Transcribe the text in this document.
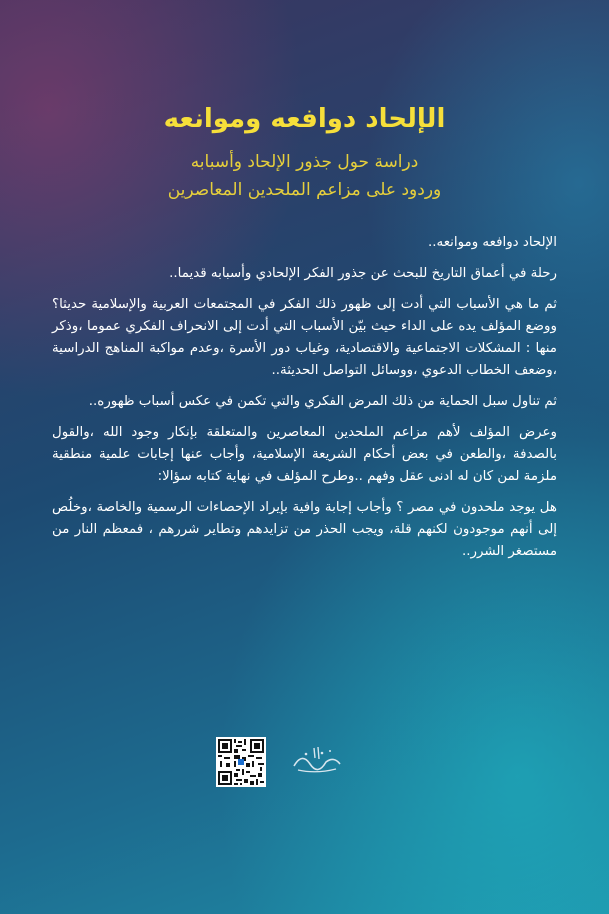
الإلحاد دوافعه وموانعه
دراسة حول جذور الإلحاد وأسبابه
وردود على مزاعم الملحدين المعاصرين

الإلحاد دوافعه وموانعه..

رحلة في أعماق التاريخ للبحث عن جذور الفكر الإلحادي وأسبابه قديما..

ثم ما هي الأسباب التي أدت إلى ظهور ذلك الفكر في المجتمعات العربية والإسلامية حديثا؟ ووضع المؤلف يده على الداء حيث بيّن الأسباب التي أدت إلى الانحراف الفكري عموما ،وذكر منها : المشكلات الاجتماعية والاقتصادية، وغياب دور الأسرة ،وعدم مواكبة المناهج الدراسية ،وضعف الخطاب الدعوي ،ووسائل التواصل الحديثة..

ثم تناول سبل الحماية من ذلك المرض الفكري والتي تكمن في عكس أسباب ظهوره..

وعرض المؤلف لأهم مزاعم الملحدين المعاصرين والمتعلقة بإنكار وجود الله ،والقول بالصدفة ،والطعن في بعض أحكام الشريعة الإسلامية، وأجاب عنها إجابات علمية منطقية ملزمة لمن كان له ادنى عقل وفهم ..وطرح المؤلف في نهاية كتابه سؤالا:

هل يوجد ملحدون في مصر ؟ وأجاب إجابة وافية بإيراد الإحصاءات الرسمية والخاصة ،وخلُص إلى أنهم موجودون لكنهم قلة، ويجب الحذر من تزايدهم وتطاير شررهم ، فمعظم النار من مستصغر الشرر..
